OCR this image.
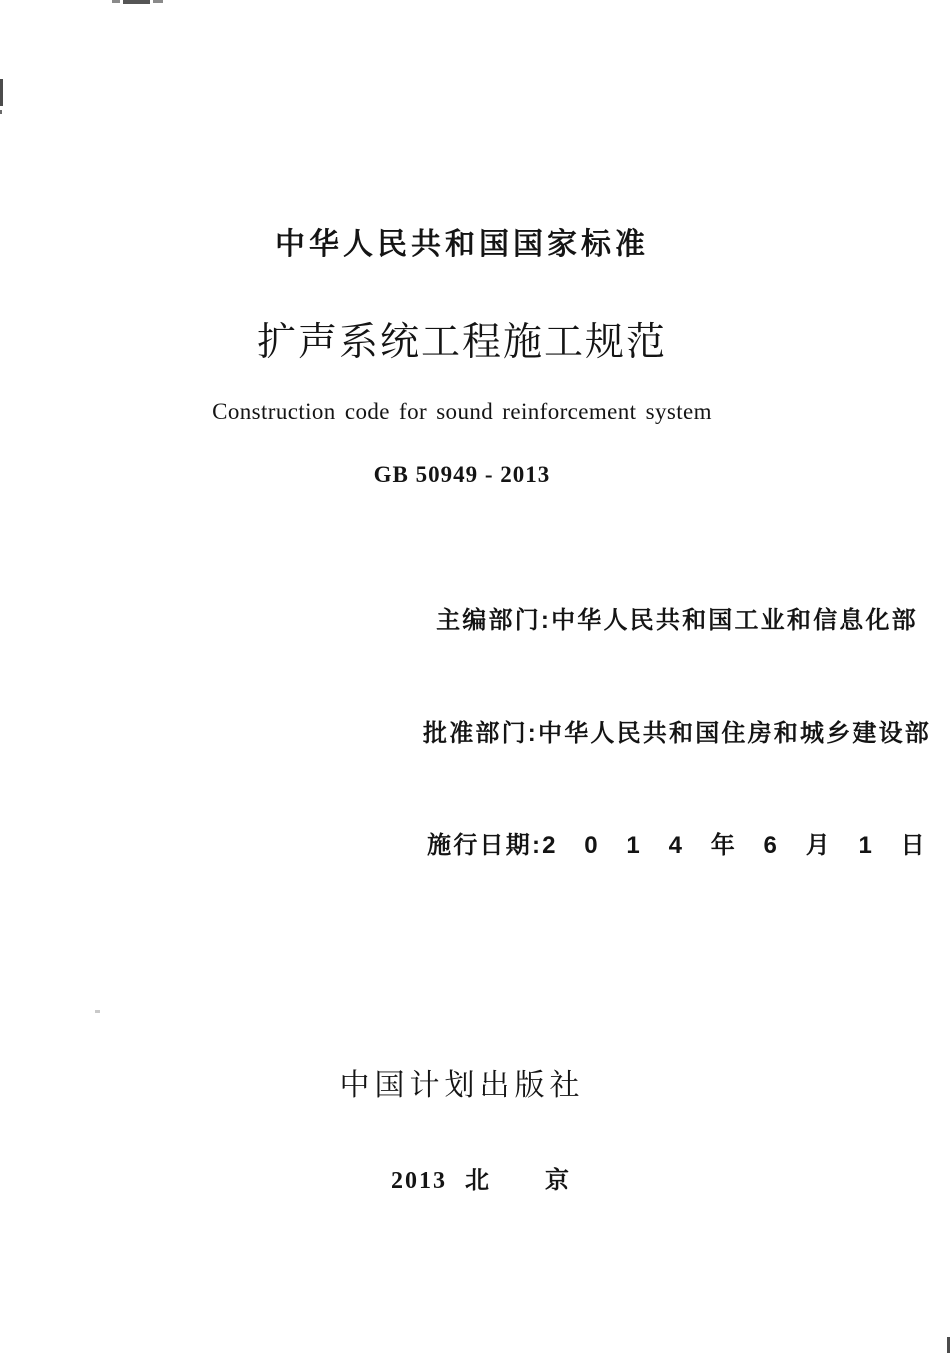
中华人民共和国国家标准
扩声系统工程施工规范
Construction code for sound reinforcement system
GB 50949 - 2013

主编部门:中华人民共和国工业和信息化部

批准部门:中华人民共和国住房和城乡建设部

施行日期:2   0   1   4   年   6   月   1   日

中国计划出版社

2013 北 京
